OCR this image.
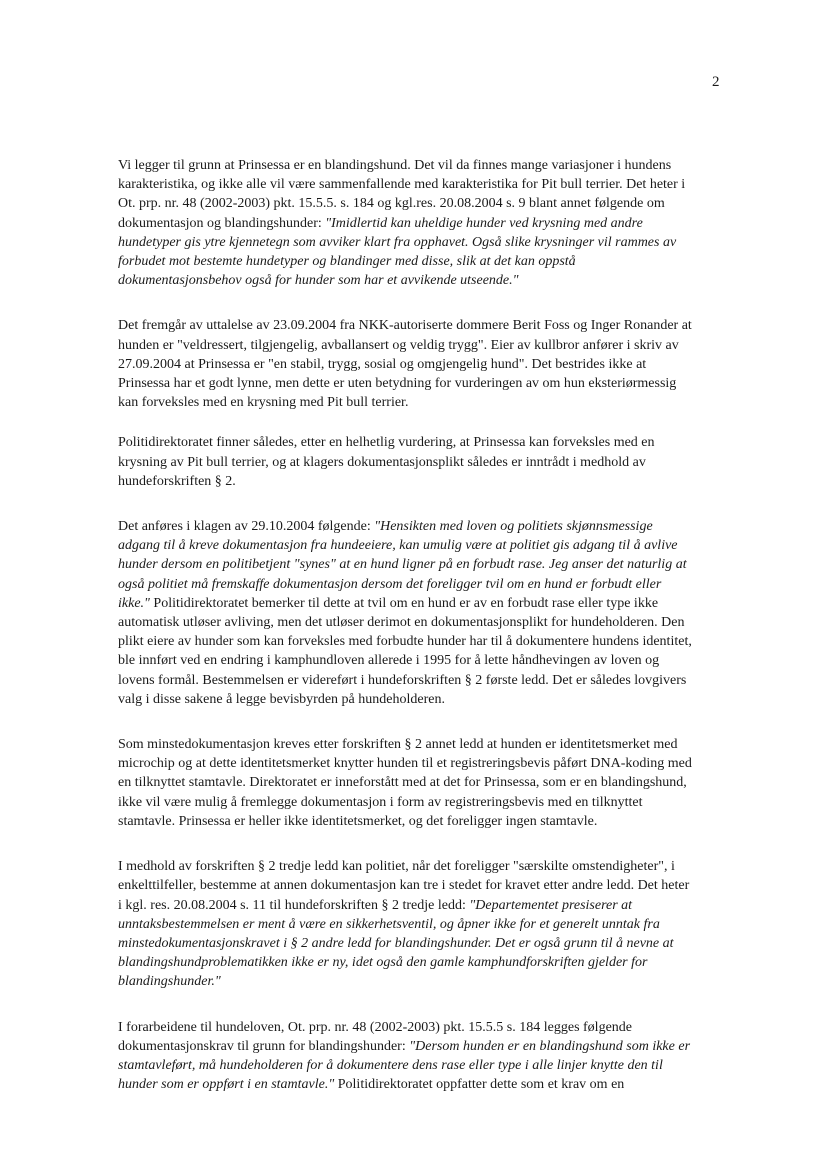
2

Vi legger til grunn at Prinsessa er en blandingshund. Det vil da finnes mange variasjoner i hundens karakteristika, og ikke alle vil være sammenfallende med karakteristika for Pit bull terrier. Det heter i Ot. prp. nr. 48 (2002-2003) pkt. 15.5.5. s. 184 og kgl.res. 20.08.2004 s. 9 blant annet følgende om dokumentasjon og blandingshunder: "Imidlertid kan uheldige hunder ved krysning med andre hundetyper gis ytre kjennetegn som avviker klart fra opphavet. Også slike krysninger vil rammes av forbudet mot bestemte hundetyper og blandinger med disse, slik at det kan oppstå dokumentasjonsbehov også for hunder som har et avvikende utseende."

Det fremgår av uttalelse av 23.09.2004 fra NKK-autoriserte dommere Berit Foss og Inger Ronander at hunden er "veldressert, tilgjengelig, avballansert og veldig trygg". Eier av kullbror anfører i skriv av 27.09.2004 at Prinsessa er "en stabil, trygg, sosial og omgjengelig hund". Det bestrides ikke at Prinsessa har et godt lynne, men dette er uten betydning for vurderingen av om hun eksteriørmessig kan forveksles med en krysning med Pit bull terrier.

Politidirektoratet finner således, etter en helhetlig vurdering, at Prinsessa kan forveksles med en krysning av Pit bull terrier, og at klagers dokumentasjonsplikt således er inntrådt i medhold av hundeforskriften § 2.

Det anføres i klagen av 29.10.2004 følgende: "Hensikten med loven og politiets skjønnsmessige adgang til å kreve dokumentasjon fra hundeeiere, kan umulig være at politiet gis adgang til å avlive hunder dersom en politibetjent "synes" at en hund ligner på en forbudt rase. Jeg anser det naturlig at også politiet må fremskaffe dokumentasjon dersom det foreligger tvil om en hund er forbudt eller ikke." Politidirektoratet bemerker til dette at tvil om en hund er av en forbudt rase eller type ikke automatisk utløser avliving, men det utløser derimot en dokumentasjonsplikt for hundeholderen. Den plikt eiere av hunder som kan forveksles med forbudte hunder har til å dokumentere hundens identitet, ble innført ved en endring i kamphundloven allerede i 1995 for å lette håndhevingen av loven og lovens formål. Bestemmelsen er videreført i hundeforskriften § 2 første ledd. Det er således lovgivers valg i disse sakene å legge bevisbyrden på hundeholderen.

Som minstedokumentasjon kreves etter forskriften § 2 annet ledd at hunden er identitetsmerket med microchip og at dette identitetsmerket knytter hunden til et registreringsbevis påført DNA-koding med en tilknyttet stamtavle. Direktoratet er inneforstått med at det for Prinsessa, som er en blandingshund, ikke vil være mulig å fremlegge dokumentasjon i form av registreringsbevis med en tilknyttet stamtavle. Prinsessa er heller ikke identitetsmerket, og det foreligger ingen stamtavle.

I medhold av forskriften § 2 tredje ledd kan politiet, når det foreligger "særskilte omstendigheter", i enkelttilfeller, bestemme at annen dokumentasjon kan tre i stedet for kravet etter andre ledd. Det heter i kgl. res. 20.08.2004 s. 11 til hundeforskriften § 2 tredje ledd: "Departementet presiserer at unntaksbestemmelsen er ment å være en sikkerhetsventil, og åpner ikke for et generelt unntak fra minstedokumentasjonskravet i § 2 andre ledd for blandingshunder. Det er også grunn til å nevne at blandingshundproblematikken ikke er ny, idet også den gamle kamphundforskriften gjelder for blandingshunder."

I forarbeidene til hundeloven, Ot. prp. nr. 48 (2002-2003) pkt. 15.5.5 s. 184 legges følgende dokumentasjonskrav til grunn for blandingshunder: "Dersom hunden er en blandingshund som ikke er stamtavleført, må hundeholderen for å dokumentere dens rase eller type i alle linjer knytte den til hunder som er oppført i en stamtavle." Politidirektoratet oppfatter dette som et krav om en
